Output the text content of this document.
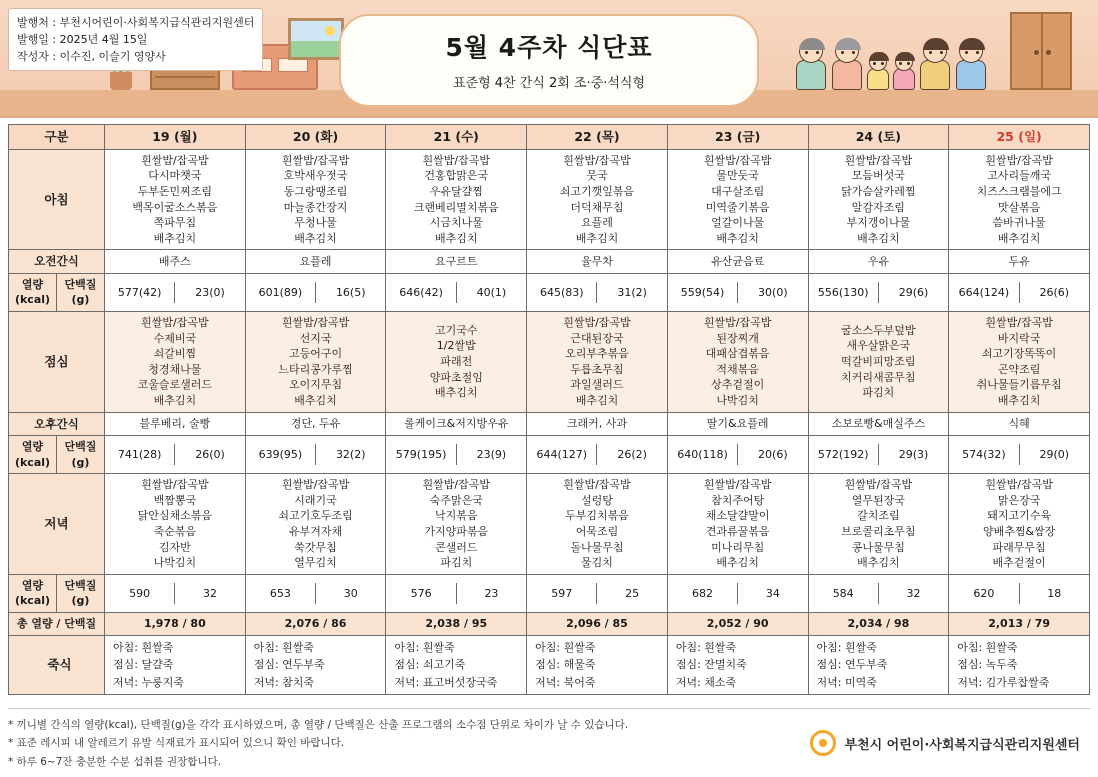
발행처 : 부천시어린이·사회복지급식관리지원센터
발행일 : 2025년 4월 15일
작성자 : 이수진, 이슬기 영양사	5월 4주차 식단표
표준형 4찬 간식 2회 조·중·석식형
구분	19 (월)	20 (화)	21 (수)	22 (목)	23 (금)	24 (토)	25 (일)
아침	흰쌀밥/잡곡밥
다시마챗국
두부돈민찌조림
백목이굴소스볶음
쪽파무침
배추김치	흰쌀밥/잡곡밥
호박새우젓국
동그랑땡조림
마늘종간장지
무청나물
배추김치	흰쌀밥/잡곡밥
건홍합맑은국
우유달걀찜
크랜베리멸치볶음
시금치나물
배추김치	흰쌀밥/잡곡밥
뭇국
쇠고기깻잎볶음
더덕채무침
요플레
배추김치	흰쌀밥/잡곡밥
물만둣국
대구살조림
미역줄기볶음
얼갈이나물
배추김치	흰쌀밥/잡곡밥
모듬버섯국
닭가슴살카레찜
알감자조림
부지갱이나물
배추김치	흰쌀밥/잡곡밥
고사리들깨국
치즈스크램블에그
맛살볶음
씀바귀나물
배추김치
오전간식	배주스	요플레	요구르트	율무차	유산균음료	우유	두유

열량(kcal)
단백질(g)	577(42) 23(0)	601(89) 16(5)	646(42) 40(1)	645(83) 31(2)	559(54) 30(0)	556(130) 29(6)	664(124) 26(6)

점심	흰쌀밥/잡곡밥
수제비국
쇠갈비찜
청경채나물
코울슬로샐러드
배추김치	흰쌀밥/잡곡밥
선지국
고등어구이
느타리콩가루찜
오이지무침
배추김치	고기국수
1/2쌀밥
파래전
양파초절임
배추김치	흰쌀밥/잡곡밥
근대된장국
오리부추볶음
두릅초무침
과일샐러드
배추김치	흰쌀밥/잡곡밥
된장찌개
대패삼겹볶음
적채볶음
상추겉절이
나박김치	굴소스두부덮밥
새우살맑은국
떡갈비피망조림
치커리새콤무침
파김치	흰쌀밥/잡곡밥
바지락국
쇠고기장똑똑이
곤약조림
취나물들기름무침
배추김치
오후간식	블루베리, 술빵	경단, 두유	롤케이크&저지방우유	크래커, 사과	딸기&요플레	소보로빵&매실주스	식혜

열량(kcal)
단백질(g)	741(28) 26(0)	639(95) 32(2)	579(195) 23(9)	644(127) 26(2)	640(118) 20(6)	572(192) 29(3)	574(32) 29(0)

저녁	흰쌀밥/잡곡밥
백짬뽕국
닭안심채소볶음
죽순볶음
김자반
나박김치	흰쌀밥/잡곡밥
시래기국
쇠고기호두조림
유부겨자채
쑥갓무침
열무김치	흰쌀밥/잡곡밥
숙주맑은국
낙지볶음
가지양파볶음
콘샐러드
파김치	흰쌀밥/잡곡밥
설렁탕
두부김치볶음
어묵조림
돌나물무침
물김치	흰쌀밥/잡곡밥
참치주어탕
채소달걀말이
견과류꿀볶음
미나리무침
배추김치	흰쌀밥/잡곡밥
열무된장국
갈치조림
브로콜리초무침
콩나물무침
배추김치	흰쌀밥/잡곡밥
맑은장국
돼지고기수육
양배추찜&쌈장
파래무무침
배추겉절이

열량(kcal)
단백질(g)	590 32	653 30	576 23	597 25	682 34	584 32	620 18

총 열량 / 단백질	1,978 / 80	2,076 / 86	2,038 / 95	2,096 / 85	2,052 / 90	2,034 / 98	2,013 / 79
죽식	아침: 흰쌀죽
점심: 달걀죽
저녁: 누룽지죽	아침: 흰쌀죽
점심: 연두부죽
저녁: 참치죽	아침: 흰쌀죽
점심: 쇠고기죽
저녁: 표고버섯장국죽	아침: 흰쌀죽
점심: 해물죽
저녁: 북어죽	아침: 흰쌀죽
점심: 잔멸치죽
저녁: 채소죽	아침: 흰쌀죽
점심: 연두부죽
저녁: 미역죽	아침: 흰쌀죽
점심: 녹두죽
저녁: 김가루찹쌀죽
* 끼니별 간식의 열량(kcal), 단백질(g)을 각각 표시하였으며, 총 열량 / 단백질은 산출 프로그램의 소수점 단위로 차이가 날 수 있습니다.
* 표준 레시피 내 알레르기 유발 식재료가 표시되어 있으니 확인 바랍니다.
* 하루 6~7잔 충분한 수분 섭취를 권장합니다.
부천시 어린이·사회복지급식관리지원센터
